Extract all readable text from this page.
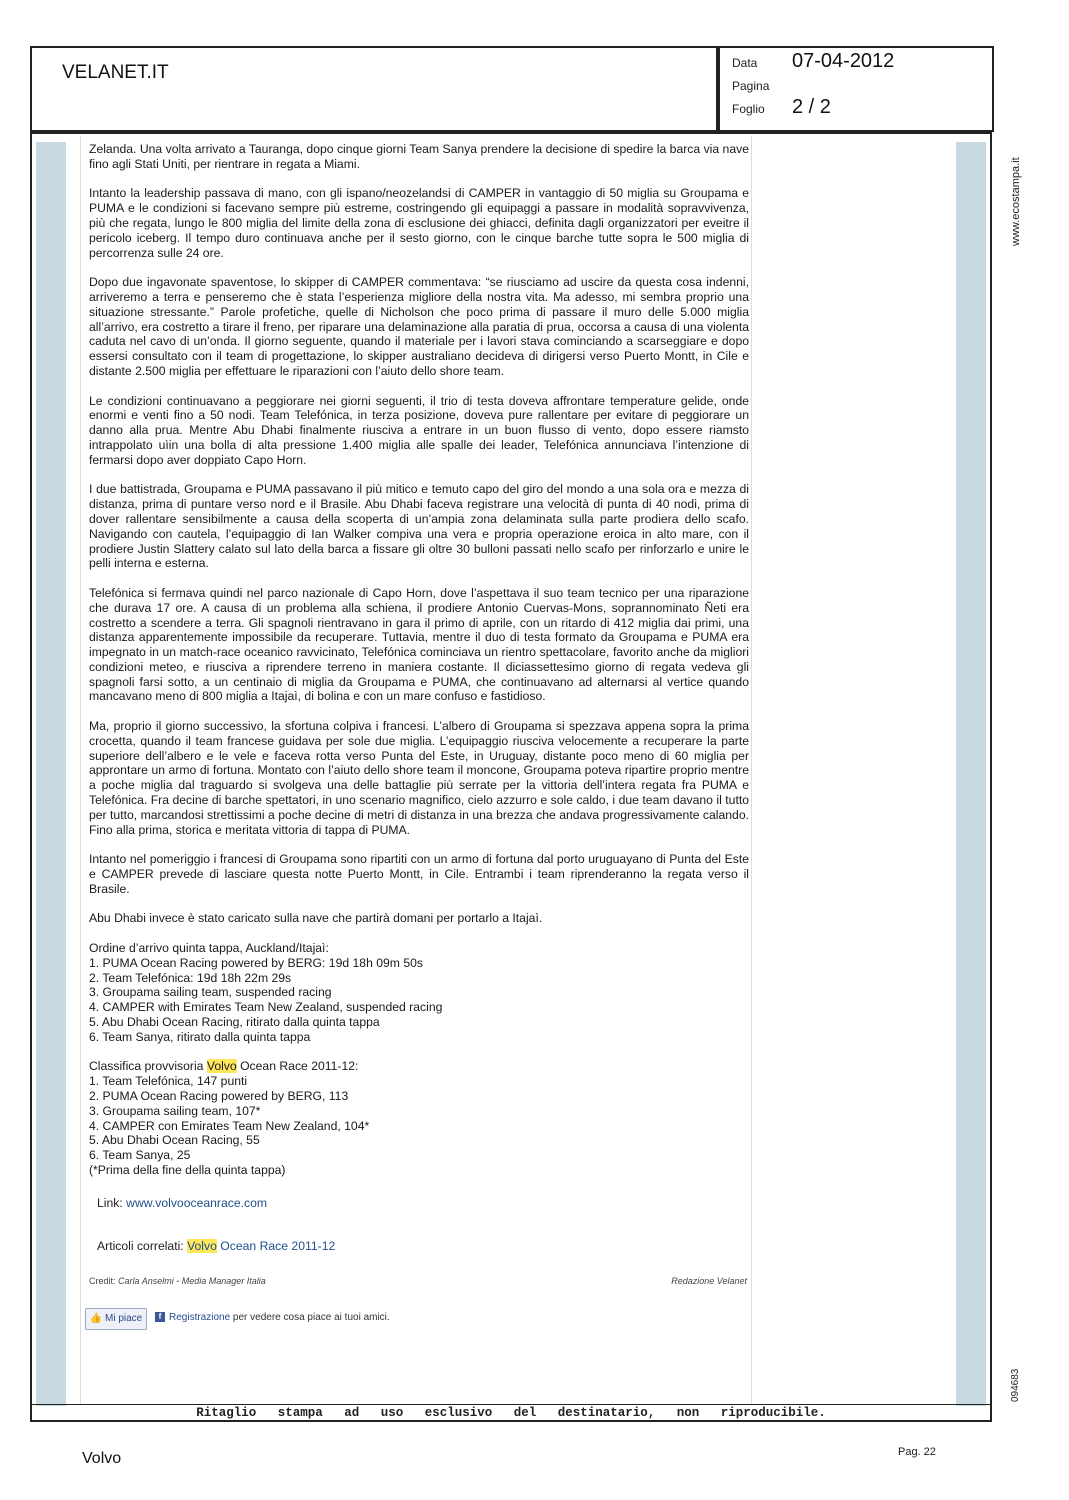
VELANET.IT	Data 07-04-2012
Pagina
Foglio 2 / 2

Zelanda. Una volta arrivato a Tauranga, dopo cinque giorni Team Sanya prendere la decisione di spedire la barca via nave fino agli Stati Uniti, per rientrare in regata a Miami.

Intanto la leadership passava di mano, con gli ispano/neozelandsi di CAMPER in vantaggio di 50 miglia su Groupama e PUMA e le condizioni si facevano sempre più estreme, costringendo gli equipaggi a passare in modalità sopravvivenza, più che regata, lungo le 800 miglia del limite della zona di esclusione dei ghiacci, definita dagli organizzatori per eveitre il pericolo iceberg. Il tempo duro continuava anche per il sesto giorno, con le cinque barche tutte sopra le 500 miglia di percorrenza sulle 24 ore.

Dopo due ingavonate spaventose, lo skipper di CAMPER commentava: “se riusciamo ad uscire da questa cosa indenni, arriveremo a terra e penseremo che è stata l’esperienza migliore della nostra vita. Ma adesso, mi sembra proprio una situazione stressante.” Parole profetiche, quelle di Nicholson che poco prima di passare il muro delle 5.000 miglia all’arrivo, era costretto a tirare il freno, per riparare una delaminazione alla paratia di prua, occorsa a causa di una violenta caduta nel cavo di un’onda. Il giorno seguente, quando il materiale per i lavori stava cominciando a scarseggiare e dopo essersi consultato con il team di progettazione, lo skipper australiano decideva di dirigersi verso Puerto Montt, in Cile e distante 2.500 miglia per effettuare le riparazioni con l’aiuto dello shore team.

Le condizioni continuavano a peggiorare nei giorni seguenti, il trio di testa doveva affrontare temperature gelide, onde enormi e venti fino a 50 nodi. Team Telefónica, in terza posizione, doveva pure rallentare per evitare di peggiorare un danno alla prua. Mentre Abu Dhabi finalmente riusciva a entrare in un buon flusso di vento, dopo essere riamsto intrappolato uìin una bolla di alta pressione 1.400 miglia alle spalle dei leader, Telefónica annunciava l’intenzione di fermarsi dopo aver doppiato Capo Horn.

I due battistrada, Groupama e PUMA passavano il più mitico e temuto capo del giro del mondo a una sola ora e mezza di distanza, prima di puntare verso nord e il Brasile. Abu Dhabi faceva registrare una velocità di punta di 40 nodi, prima di dover rallentare sensibilmente a causa della scoperta di un’ampia zona delaminata sulla parte prodiera dello scafo. Navigando con cautela, l’equipaggio di Ian Walker compiva una vera e propria operazione eroica in alto mare, con il prodiere Justin Slattery calato sul lato della barca a fissare gli oltre 30 bulloni passati nello scafo per rinforzarlo e unire le pelli interna e esterna.

Telefónica si fermava quindi nel parco nazionale di Capo Horn, dove l’aspettava il suo team tecnico per una riparazione che durava 17 ore. A causa di un problema alla schiena, il prodiere Antonio Cuervas-Mons, soprannominato Ñeti era costretto a scendere a terra. Gli spagnoli rientravano in gara il primo di aprile, con un ritardo di 412 miglia dai primi, una distanza apparentemente impossibile da recuperare. Tuttavia, mentre il duo di testa formato da Groupama e PUMA era impegnato in un match-race oceanico ravvicinato, Telefónica cominciava un rientro spettacolare, favorito anche da migliori condizioni meteo, e riusciva a riprendere terreno in maniera costante. Il diciassettesimo giorno di regata vedeva gli spagnoli farsi sotto, a un centinaio di miglia da Groupama e PUMA, che continuavano ad alternarsi al vertice quando mancavano meno di 800 miglia a Itajaì, di bolina e con un mare confuso e fastidioso.

Ma, proprio il giorno successivo, la sfortuna colpiva i francesi. L’albero di Groupama si spezzava appena sopra la prima crocetta, quando il team francese guidava per sole due miglia. L’equipaggio riusciva velocemente a recuperare la parte superiore dell’albero e le vele e faceva rotta verso Punta del Este, in Uruguay, distante poco meno di 60 miglia per approntare un armo di fortuna. Montato con l’aiuto dello shore team il moncone, Groupama poteva ripartire proprio mentre a poche miglia dal traguardo si svolgeva una delle battaglie più serrate per la vittoria dell’intera regata fra PUMA e Telefónica. Fra decine di barche spettatori, in uno scenario magnifico, cielo azzurro e sole caldo, i due team davano il tutto per tutto, marcandosi strettissimi a poche decine di metri di distanza in una brezza che andava progressivamente calando. Fino alla prima, storica e meritata vittoria di tappa di PUMA.

Intanto nel pomeriggio i francesi di Groupama sono ripartiti con un armo di fortuna dal porto uruguayano di Punta del Este e CAMPER prevede di lasciare questa notte Puerto Montt, in Cile. Entrambi i team riprenderanno la regata verso il Brasile.

Abu Dhabi invece è stato caricato sulla nave che partirà domani per portarlo a Itajaì.

Ordine d’arrivo quinta tappa, Auckland/Itajaì:
1. PUMA Ocean Racing powered by BERG: 19d 18h 09m 50s
2. Team Telefónica: 19d 18h 22m 29s
3. Groupama sailing team, suspended racing
4. CAMPER with Emirates Team New Zealand, suspended racing
5. Abu Dhabi Ocean Racing, ritirato dalla quinta tappa
6. Team Sanya, ritirato dalla quinta tappa
Classifica provvisoria Volvo Ocean Race 2011-12:
1. Team Telefónica, 147 punti
2. PUMA Ocean Racing powered by BERG, 113
3. Groupama sailing team, 107*
4. CAMPER con Emirates Team New Zealand, 104*
5. Abu Dhabi Ocean Racing, 55
6. Team Sanya, 25
(*Prima della fine della quinta tappa)
Link: www.volvooceanrace.com
Articoli correlati: Volvo Ocean Race 2011-12
Credit: Carla Anselmi - Media Manager Italia	Redazione Velanet
👍 Mi piace	f Registrazione per vedere cosa piace ai tuoi amici.
www.ecostampa.it
094683
Ritaglio stampa ad uso esclusivo del destinatario, non riproducibile.
Volvo	Pag. 22
